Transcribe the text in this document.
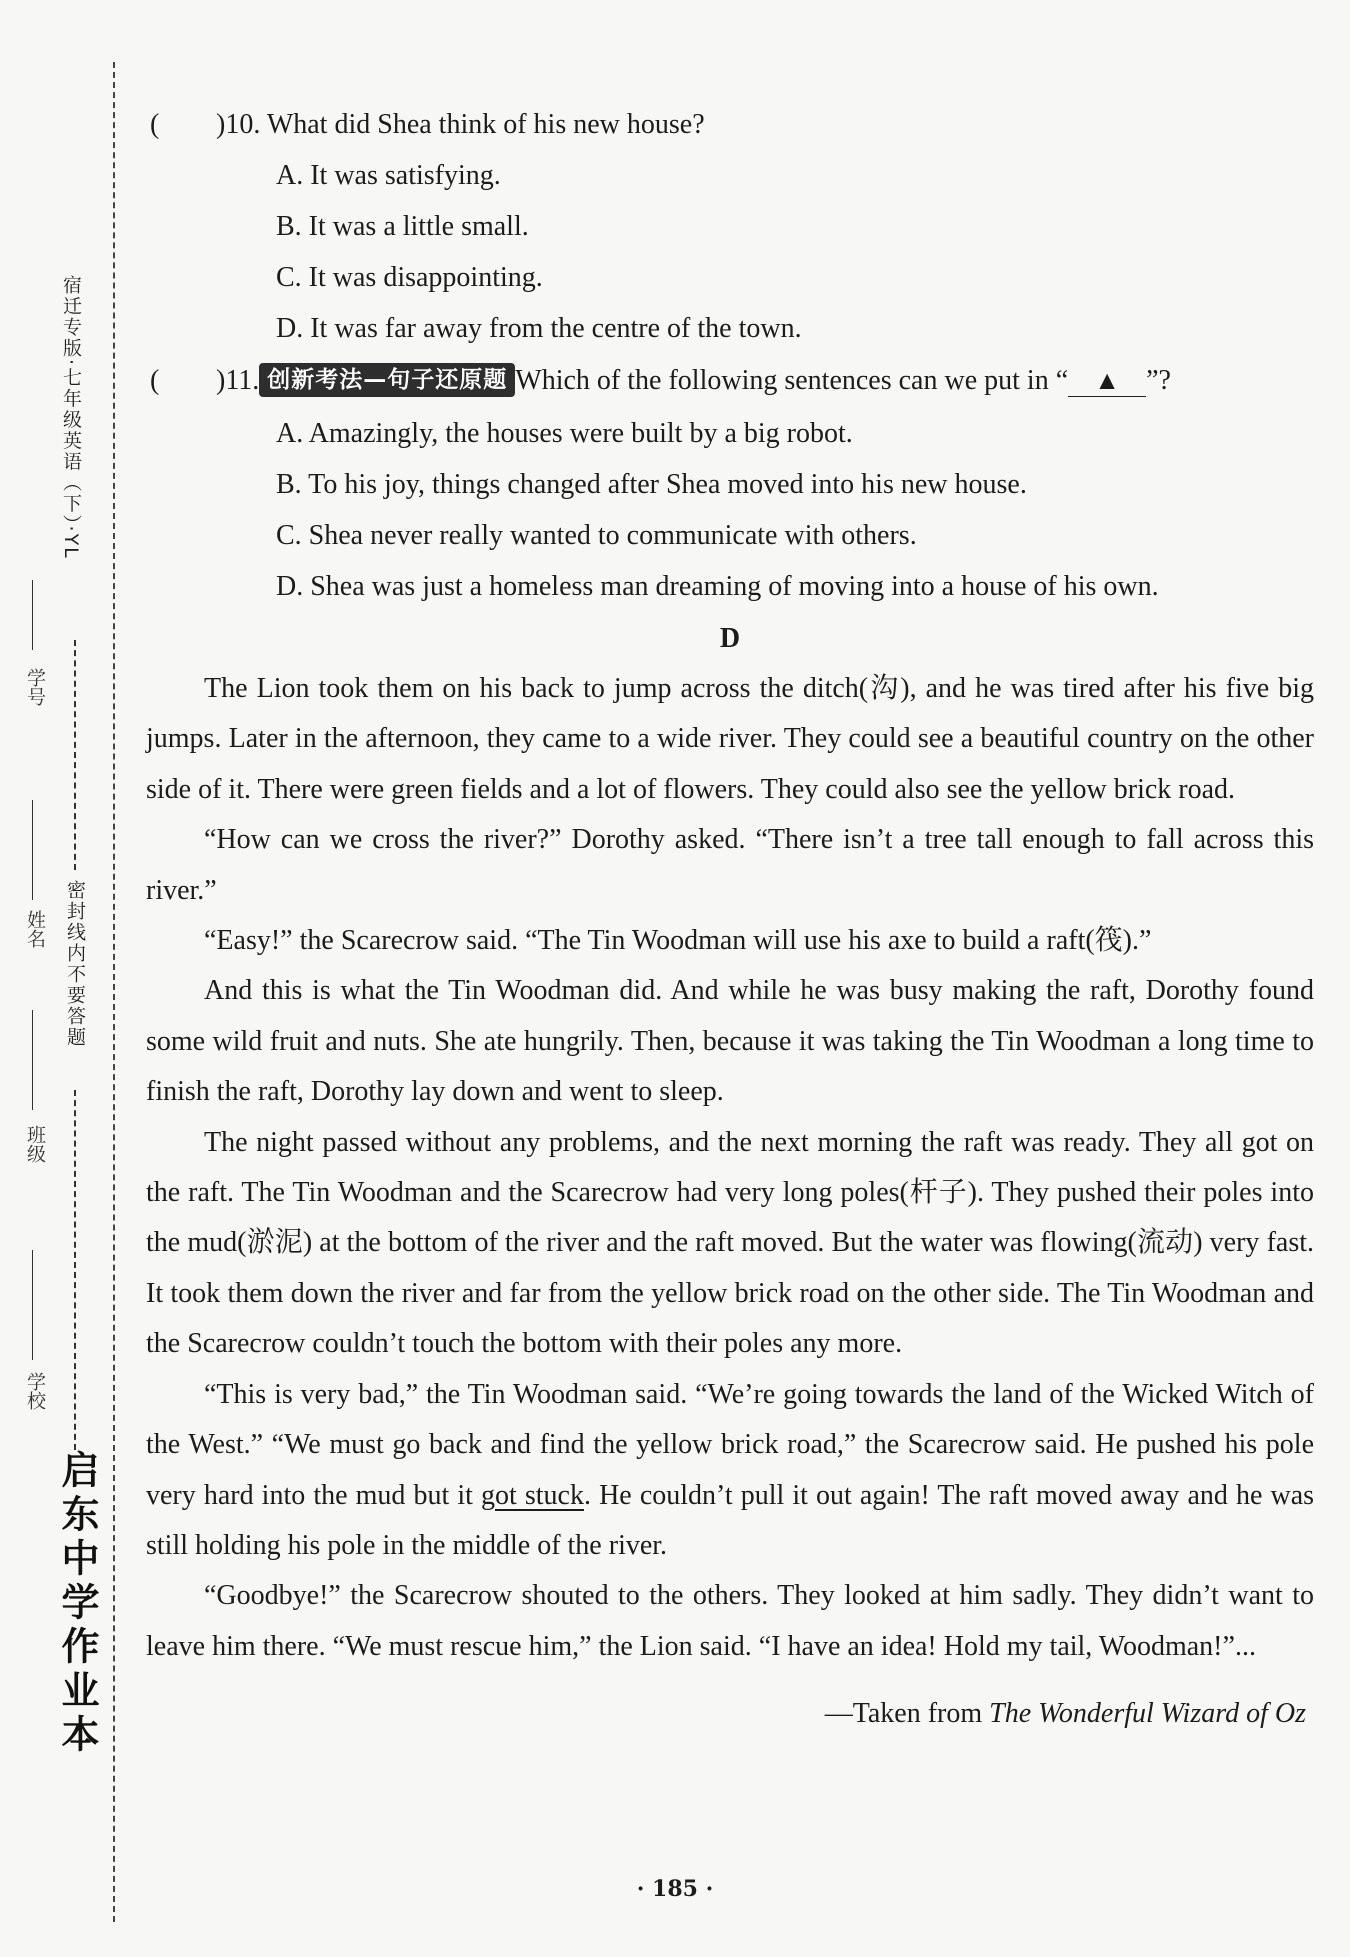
宿迁专版·七年级英语（下）·YL
密封线内不要答题
学号
姓名
班级
学校
启东中学作业本
( )10. What did Shea think of his new house?
A. It was satisfying.
B. It was a little small.
C. It was disappointing.
D. It was far away from the centre of the town.
( )11. 创新考法—句子还原题 Which of the following sentences can we put in “ ▲ ”?
A. Amazingly, the houses were built by a big robot.
B. To his joy, things changed after Shea moved into his new house.
C. Shea never really wanted to communicate with others.
D. Shea was just a homeless man dreaming of moving into a house of his own.
D

The Lion took them on his back to jump across the ditch(沟), and he was tired after his five big jumps. Later in the afternoon, they came to a wide river. They could see a beautiful country on the other side of it. There were green fields and a lot of flowers. They could also see the yellow brick road.

“How can we cross the river?” Dorothy asked. “There isn’t a tree tall enough to fall across this river.”

“Easy!” the Scarecrow said. “The Tin Woodman will use his axe to build a raft(筏).”

And this is what the Tin Woodman did. And while he was busy making the raft, Dorothy found some wild fruit and nuts. She ate hungrily. Then, because it was taking the Tin Woodman a long time to finish the raft, Dorothy lay down and went to sleep.

The night passed without any problems, and the next morning the raft was ready. They all got on the raft. The Tin Woodman and the Scarecrow had very long poles(杆子). They pushed their poles into the mud(淤泥) at the bottom of the river and the raft moved. But the water was flowing(流动) very fast. It took them down the river and far from the yellow brick road on the other side. The Tin Woodman and the Scarecrow couldn’t touch the bottom with their poles any more.

“This is very bad,” the Tin Woodman said. “We’re going towards the land of the Wicked Witch of the West.” “We must go back and find the yellow brick road,” the Scarecrow said. He pushed his pole very hard into the mud but it got stuck. He couldn’t pull it out again! The raft moved away and he was still holding his pole in the middle of the river.

“Goodbye!” the Scarecrow shouted to the others. They looked at him sadly. They didn’t want to leave him there. “We must rescue him,” the Lion said. “I have an idea! Hold my tail, Woodman!”...

—Taken from The Wonderful Wizard of Oz
· 185 ·
